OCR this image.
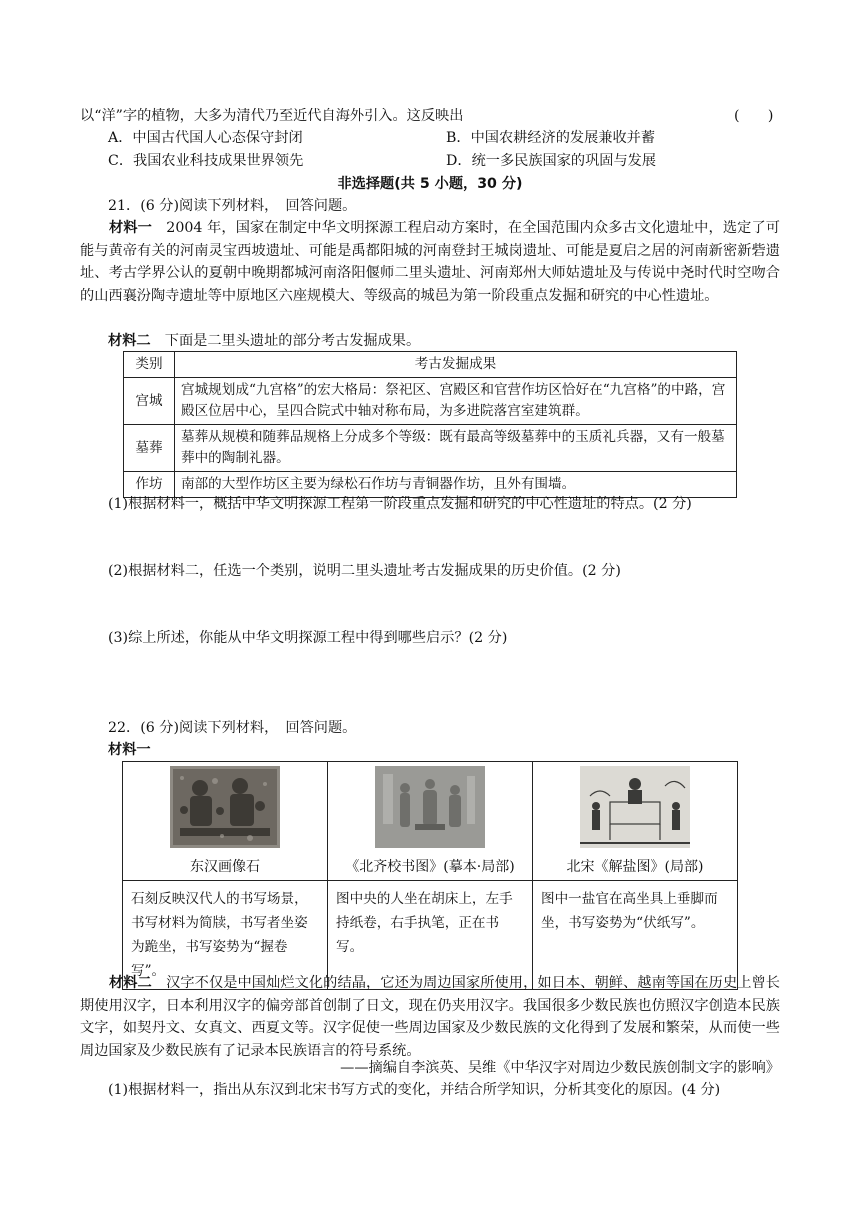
以“洋”字的植物，大多为清代乃至近代自海外引入。这反映出	(　　)
A．中国古代国人心态保守封闭	B．中国农耕经济的发展兼收并蓄
C．我国农业科技成果世界领先	D．统一多民族国家的巩固与发展
非选择题(共 5 小题，30 分)
21．(6 分)阅读下列材料，　回答问题。
材料一　2004 年，国家在制定中华文明探源工程启动方案时，在全国范围内众多古文化遗址中，选定了可能与黄帝有关的河南灵宝西坡遗址、可能是禹都阳城的河南登封王城岗遗址、可能是夏启之居的河南新密新砦遗址、考古学界公认的夏朝中晚期都城河南洛阳偃师二里头遗址、河南郑州大师姑遗址及与传说中尧时代时空吻合的山西襄汾陶寺遗址等中原地区六座规模大、等级高的城邑为第一阶段重点发掘和研究的中心性遗址。
材料二　下面是二里头遗址的部分考古发掘成果。
类别	考古发掘成果
宫城	宫城规划成“九宫格”的宏大格局：祭祀区、宫殿区和官营作坊区恰好在“九宫格”的中路，宫殿区位居中心，呈四合院式中轴对称布局，为多进院落宫室建筑群。
墓葬	墓葬从规模和随葬品规格上分成多个等级：既有最高等级墓葬中的玉质礼兵器，又有一般墓葬中的陶制礼器。
作坊	南部的大型作坊区主要为绿松石作坊与青铜器作坊，且外有围墙。
(1)根据材料一，概括中华文明探源工程第一阶段重点发掘和研究的中心性遗址的特点。(2 分)
(2)根据材料二，任选一个类别，说明二里头遗址考古发掘成果的历史价值。(2 分)
(3)综上所述，你能从中华文明探源工程中得到哪些启示？(2 分)
22．(6 分)阅读下列材料，　回答问题。
材料一
东汉画像石	《北齐校书图》(摹本·局部)	北宋《解盐图》(局部)

石刻反映汉代人的书写场景，书写材料为简牍，书写者坐姿为跪坐，书写姿势为“握卷写”。	图中央的人坐在胡床上，左手持纸卷，右手执笔，正在书写。	图中一盐官在高坐具上垂脚而坐，书写姿势为“伏纸写”。
材料二　汉字不仅是中国灿烂文化的结晶，它还为周边国家所使用，如日本、朝鲜、越南等国在历史上曾长期使用汉字，日本利用汉字的偏旁部首创制了日文，现在仍夹用汉字。我国很多少数民族也仿照汉字创造本民族文字，如契丹文、女真文、西夏文等。汉字促使一些周边国家及少数民族的文化得到了发展和繁荣，从而使一些周边国家及少数民族有了记录本民族语言的符号系统。
——摘编自李滨英、吴维《中华汉字对周边少数民族创制文字的影响》
(1)根据材料一，指出从东汉到北宋书写方式的变化，并结合所学知识，分析其变化的原因。(4 分)
